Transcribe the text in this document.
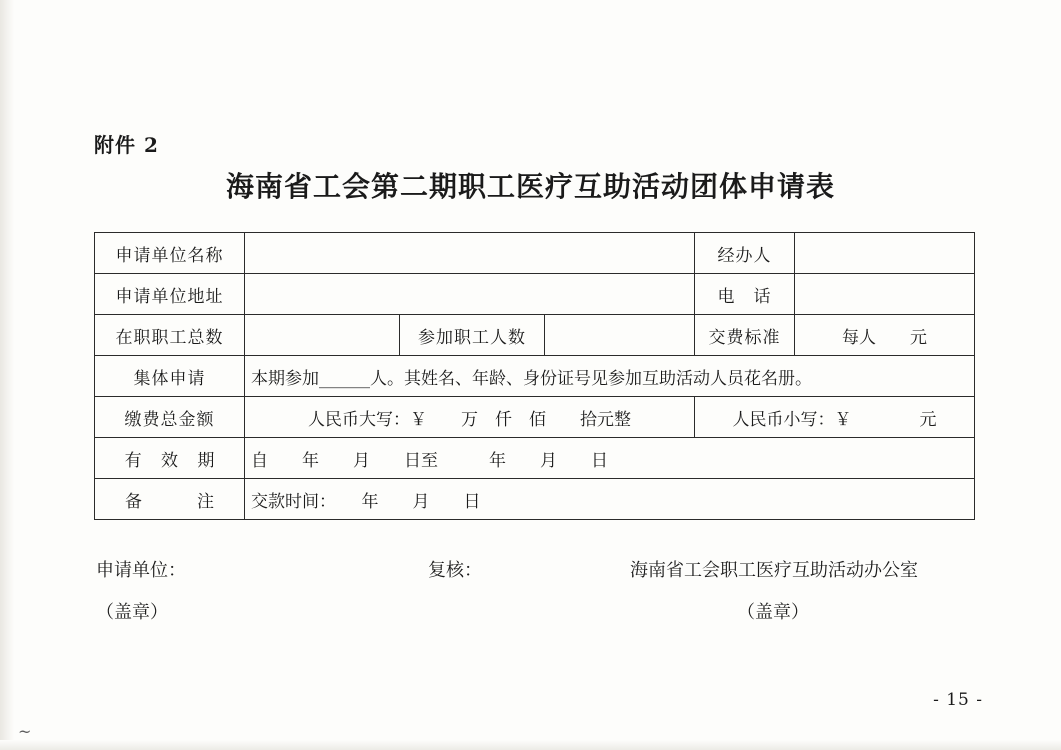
附件 2
海南省工会第二期职工医疗互助活动团体申请表
申请单位名称				经办人	
申请单位地址				电　话	
在职职工总数		参加职工人数		交费标准	每人　　元
集体申请	本期参加______人。其姓名、年龄、身份证号见参加互助活动人员花名册。				
缴费总金额	人民币大写：￥　　万　仟　佰　　拾元整			人民币小写：￥　　　　元	
有 效 期	自　　年　　月　　日至　　　年　　月　　日				
备　　注	交款时间：　　年　　月　　日				
申请单位：	复核：	海南省工会职工医疗互助活动办公室
（盖章）	（盖章）
- 15 -
~
